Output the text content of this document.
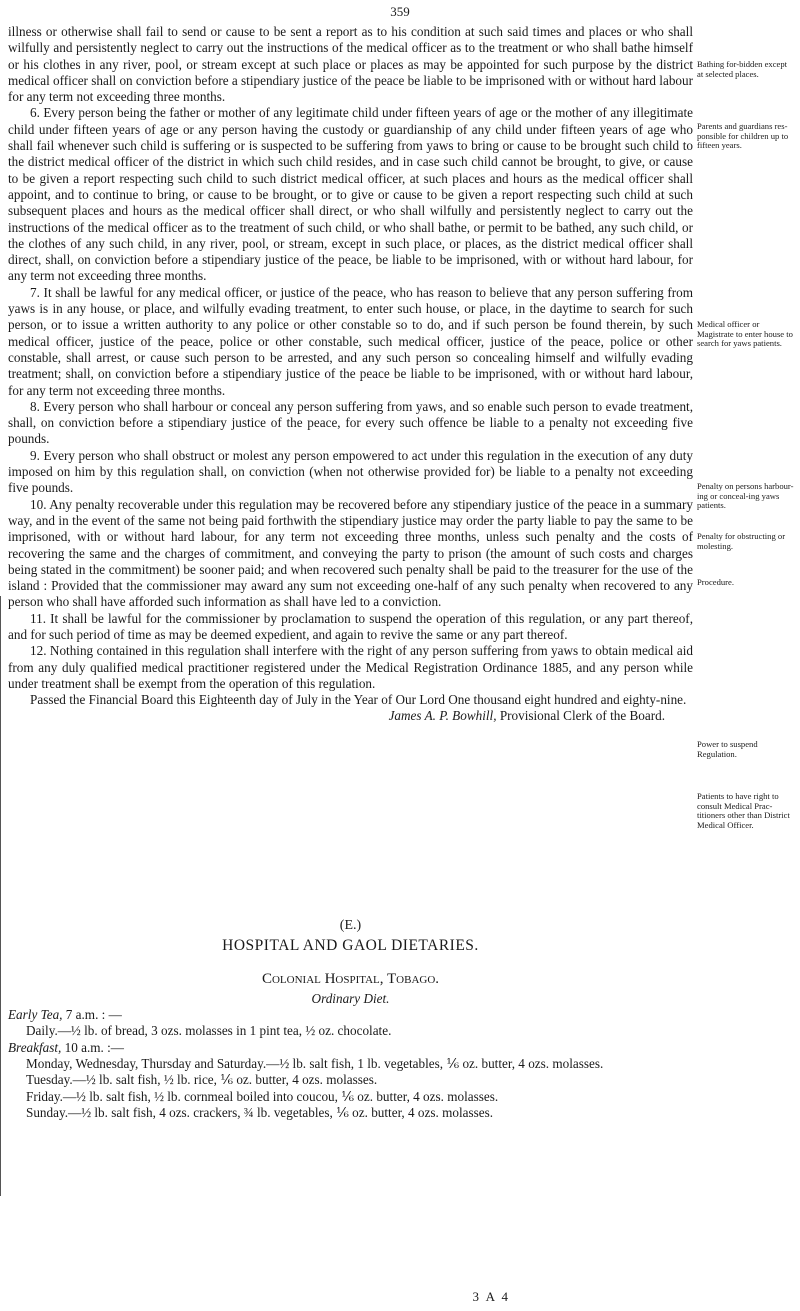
359

illness or otherwise shall fail to send or cause to be sent a report as to his condition at such said times and places or who shall wilfully and persistently neglect to carry out the instructions of the medical officer as to the treatment or who shall bathe himself or his clothes in any river, pool, or stream except at such place or places as may be appointed for such purpose by the district medical officer shall on conviction before a stipendiary justice of the peace be liable to be imprisoned with or without hard labour for any term not exceeding three months.

6. Every person being the father or mother of any legitimate child under fifteen years of age or the mother of any illegitimate child under fifteen years of age or any person having the custody or guardianship of any child under fifteen years of age who shall fail whenever such child is suffering or is suspected to be suffering from yaws to bring or cause to be brought such child to the district medical officer of the district in which such child resides, and in case such child cannot be brought, to give, or cause to be given a report respecting such child to such district medical officer, at such places and hours as the medical officer shall appoint, and to continue to bring, or cause to be brought, or to give or cause to be given a report respecting such child at such subsequent places and hours as the medical officer shall direct, or who shall wilfully and persistently neglect to carry out the instructions of the medical officer as to the treatment of such child, or who shall bathe, or permit to be bathed, any such child, or the clothes of any such child, in any river, pool, or stream, except in such place, or places, as the district medical officer shall direct, shall, on conviction before a stipendiary justice of the peace, be liable to be imprisoned, with or without hard labour, for any term not exceeding three months.

7. It shall be lawful for any medical officer, or justice of the peace, who has reason to believe that any person suffering from yaws is in any house, or place, and wilfully evading treatment, to enter such house, or place, in the daytime to search for such person, or to issue a written authority to any police or other constable so to do, and if such person be found therein, by such medical officer, justice of the peace, police or other constable, such medical officer, justice of the peace, police or other constable, shall arrest, or cause such person to be arrested, and any such person so concealing himself and wilfully evading treatment; shall, on conviction before a stipendiary justice of the peace be liable to be imprisoned, with or without hard labour, for any term not exceeding three months.

8. Every person who shall harbour or conceal any person suffering from yaws, and so enable such person to evade treatment, shall, on conviction before a stipendiary justice of the peace, for every such offence be liable to a penalty not exceeding five pounds.

9. Every person who shall obstruct or molest any person empowered to act under this regulation in the execution of any duty imposed on him by this regulation shall, on conviction (when not otherwise provided for) be liable to a penalty not exceeding five pounds.

10. Any penalty recoverable under this regulation may be recovered before any stipendiary justice of the peace in a summary way, and in the event of the same not being paid forthwith the stipendiary justice may order the party liable to pay the same to be imprisoned, with or without hard labour, for any term not exceeding three months, unless such penalty and the costs of recovering the same and the charges of commitment, and conveying the party to prison (the amount of such costs and charges being stated in the commitment) be sooner paid; and when recovered such penalty shall be paid to the treasurer for the use of the island : Provided that the commissioner may award any sum not exceeding one-half of any such penalty when recovered to any person who shall have afforded such information as shall have led to a conviction.

11. It shall be lawful for the commissioner by proclamation to suspend the operation of this regulation, or any part thereof, and for such period of time as may be deemed expedient, and again to revive the same or any part thereof.

12. Nothing contained in this regulation shall interfere with the right of any person suffering from yaws to obtain medical aid from any duly qualified medical practitioner registered under the Medical Registration Ordinance 1885, and any person while under treatment shall be exempt from the operation of this regulation.

Passed the Financial Board this Eighteenth day of July in the Year of Our Lord One thousand eight hundred and eighty-nine.

James A. P. Bowhill, Provisional Clerk of the Board.
Bathing for-bidden except at selected places.
Parents and guardians res-ponsible for children up to fifteen years.
Medical officer or Magistrate to enter house to search for yaws patients.
Penalty on persons harbour-ing or conceal-ing yaws patients.
Penalty for obstructing or molesting.
Procedure.
Power to suspend Regulation.
Patients to have right to consult Medical Prac-titioners other than District Medical Officer.

(E.)

HOSPITAL AND GAOL DIETARIES.

Colonial Hospital, Tobago.

Ordinary Diet.

Early Tea, 7 a.m. : —

Daily.—½ lb. of bread, 3 ozs. molasses in 1 pint tea, ½ oz. chocolate.

Breakfast, 10 a.m. :—

Monday, Wednesday, Thursday and Saturday.—½ lb. salt fish, 1 lb. vegetables, ⅙ oz. butter, 4 ozs. molasses.

Tuesday.—½ lb. salt fish, ½ lb. rice, ⅙ oz. butter, 4 ozs. molasses.

Friday.—½ lb. salt fish, ½ lb. cornmeal boiled into coucou, ⅙ oz. butter, 4 ozs. molasses.

Sunday.—½ lb. salt fish, 4 ozs. crackers, ¾ lb. vegetables, ⅙ oz. butter, 4 ozs. molasses.

3 A 4
